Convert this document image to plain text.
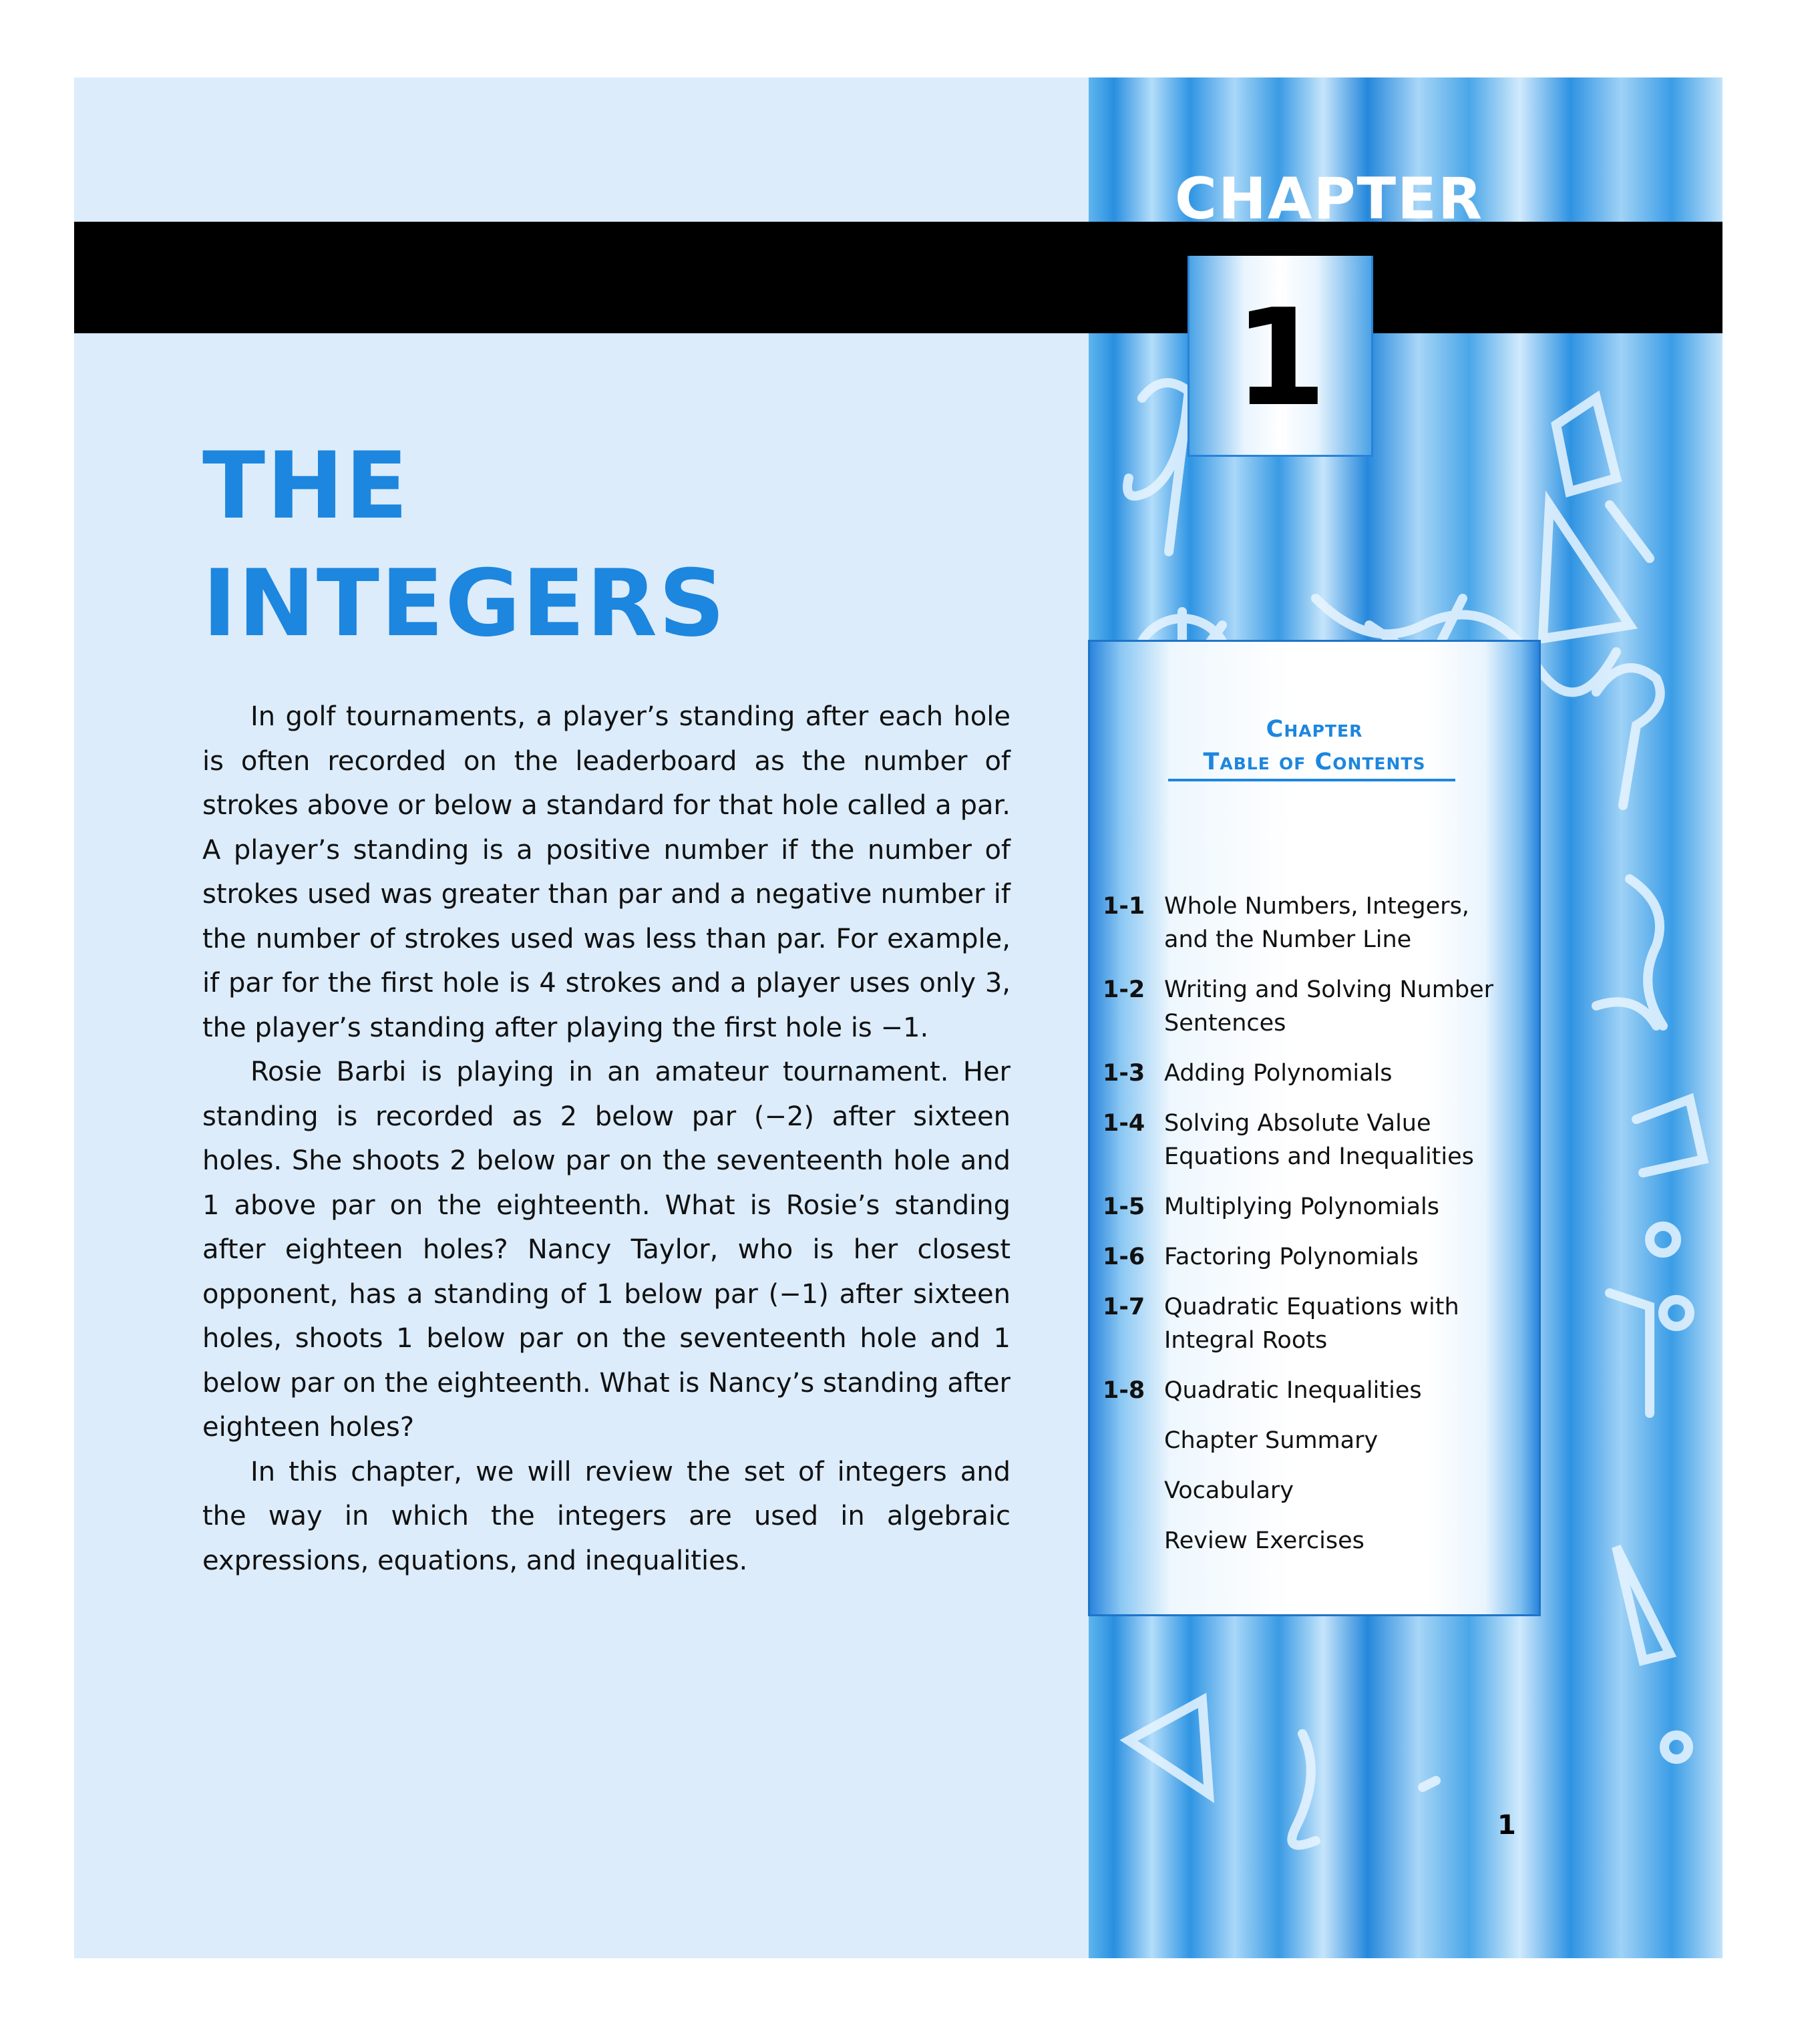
CHAPTER
1
THE
INTEGERS

In golf tournaments, a player’s standing after each hole is often recorded on the leaderboard as the number of strokes above or below a standard for that hole called a par. A player’s standing is a positive number if the number of strokes used was greater than par and a negative number if the number of strokes used was less than par. For example, if par for the first hole is 4 strokes and a player uses only 3, the player’s standing after playing the first hole is −1.

Rosie Barbi is playing in an amateur tournament. Her standing is recorded as 2 below par (−2) after sixteen holes. She shoots 2 below par on the seventeenth hole and 1 above par on the eighteenth. What is Rosie’s standing after eighteen holes? Nancy Taylor, who is her closest opponent, has a standing of 1 below par (−1) after sixteen holes, shoots 1 below par on the seventeenth hole and 1 below par on the eighteenth. What is Nancy’s standing after eighteen holes?

In this chapter, we will review the set of integers and the way in which the integers are used in algebraic expressions, equations, and inequalities.

Chapter
Table of Contents
1-1 Whole Numbers, Integers, and the Number Line
1-2 Writing and Solving Number Sentences
1-3 Adding Polynomials
1-4 Solving Absolute Value Equations and Inequalities
1-5 Multiplying Polynomials
1-6 Factoring Polynomials
1-7 Quadratic Equations with Integral Roots
1-8 Quadratic Inequalities
Chapter Summary
Vocabulary
Review Exercises
1
